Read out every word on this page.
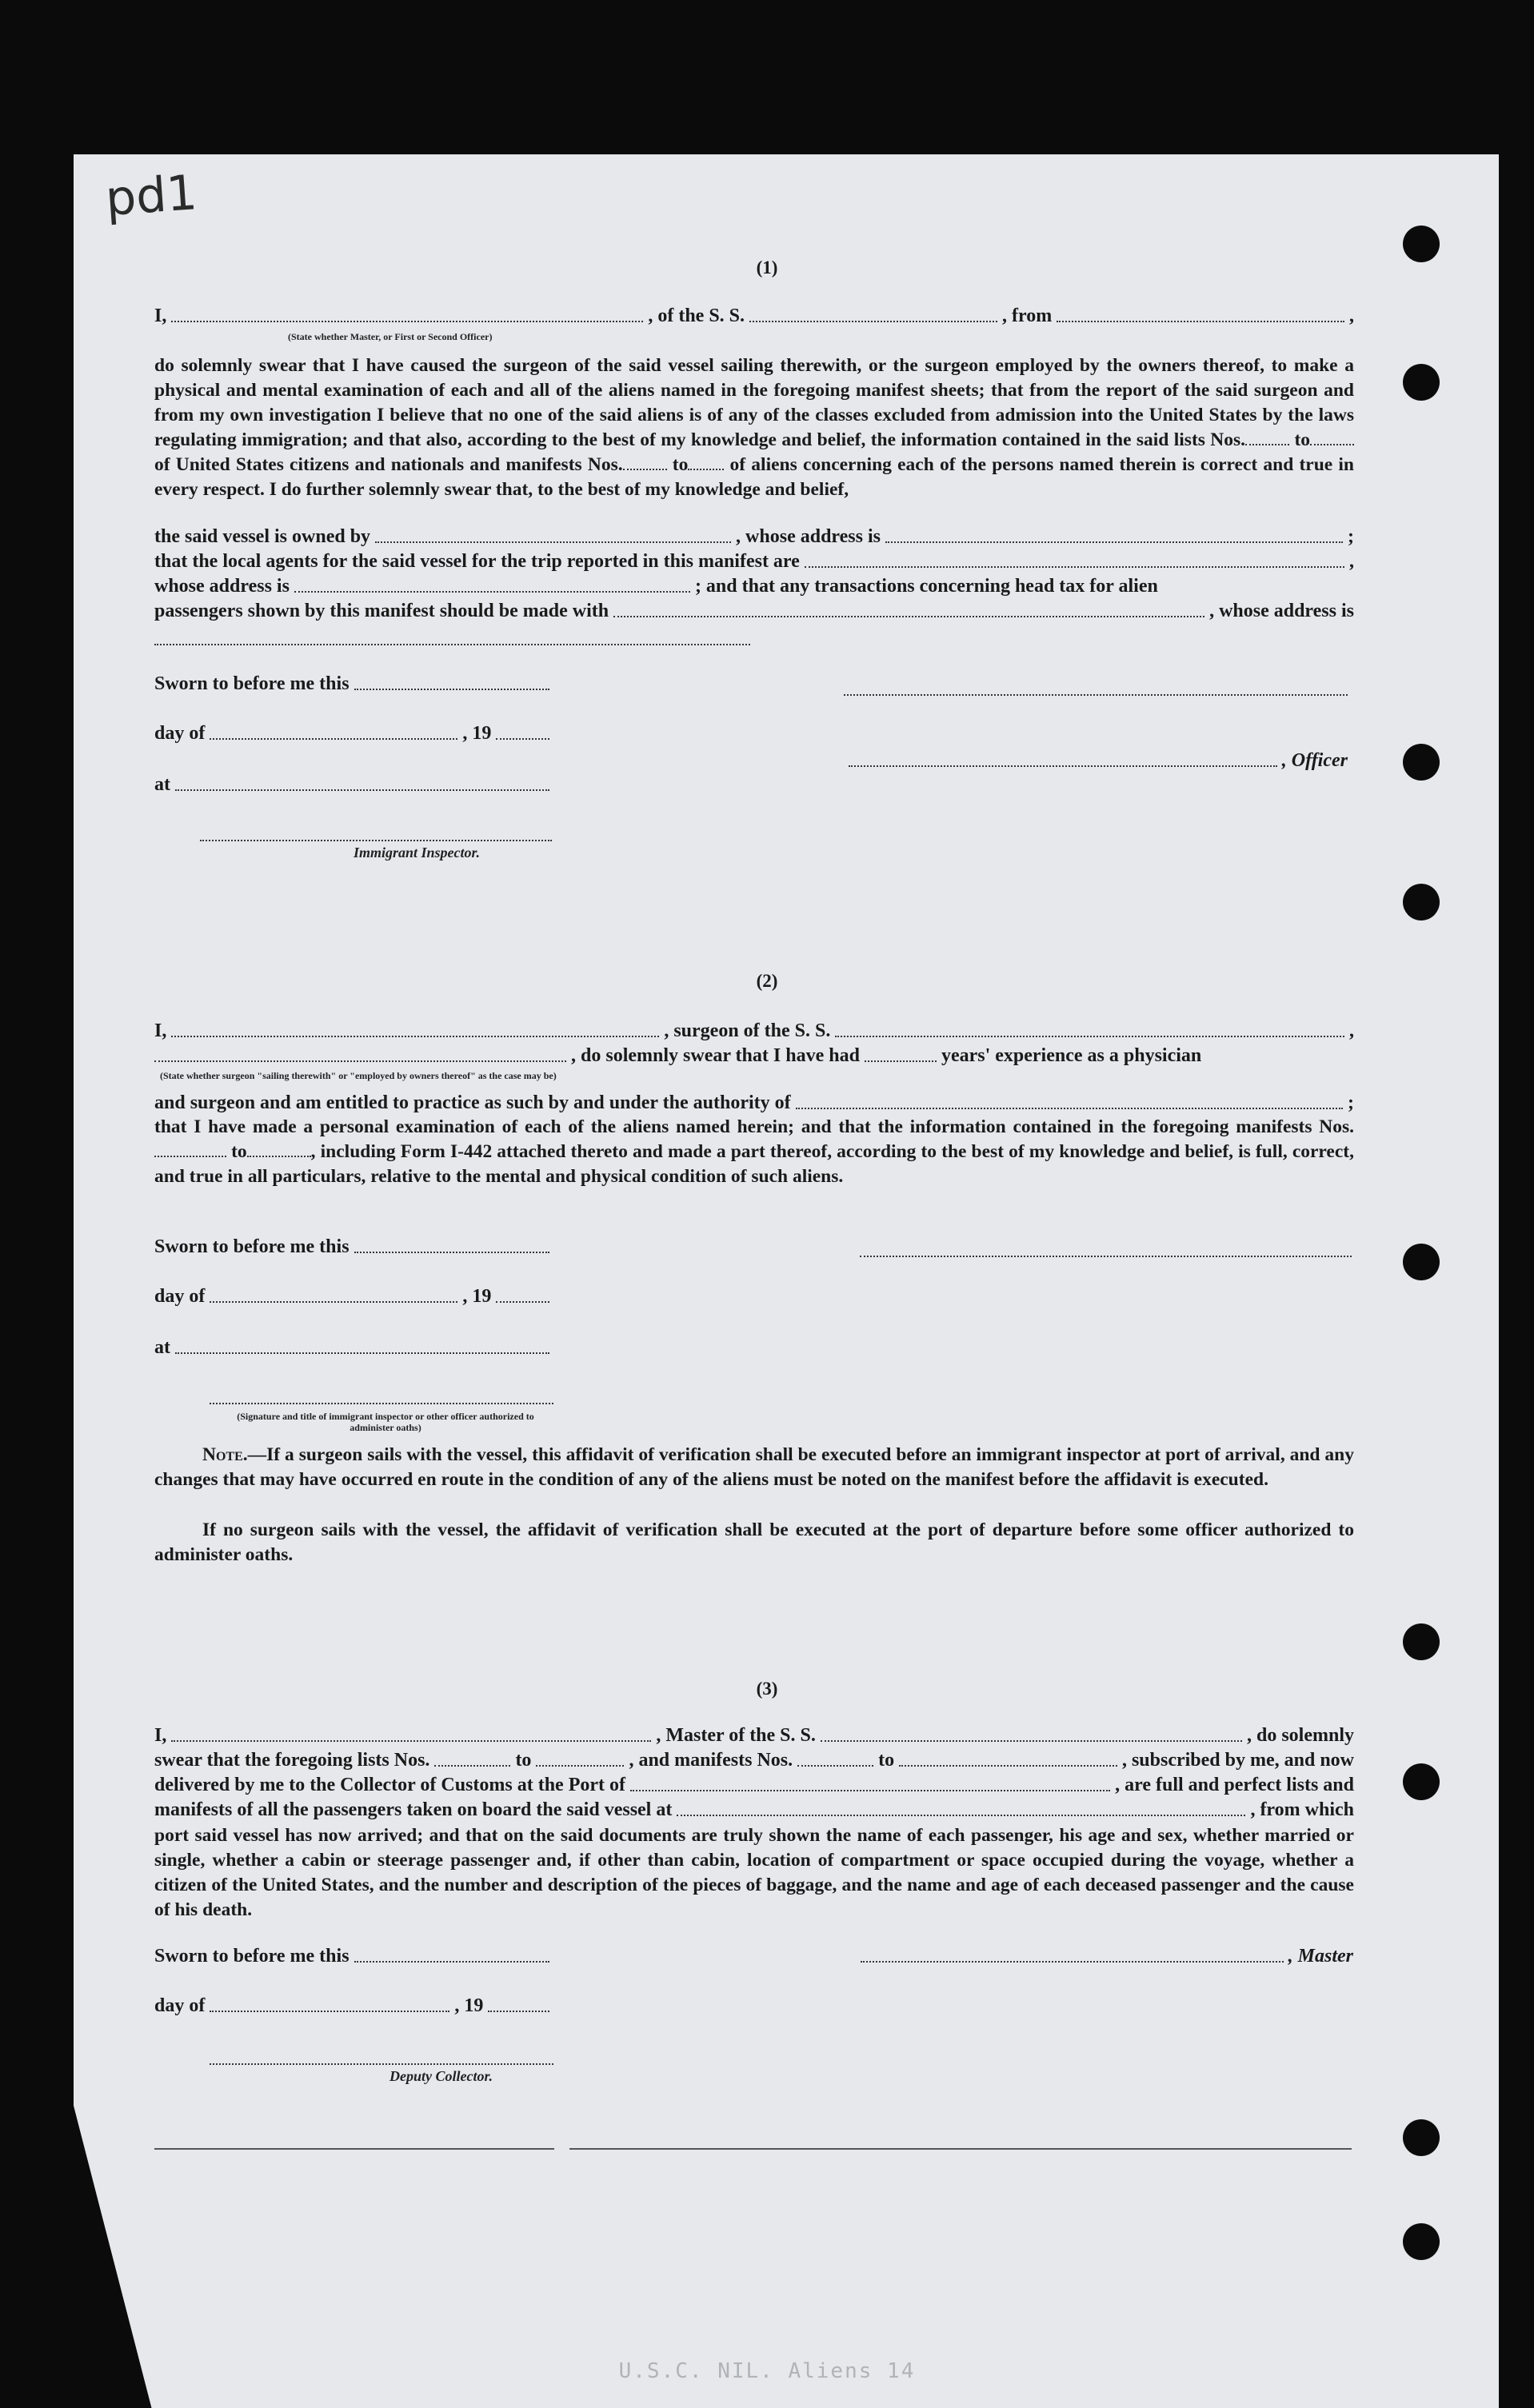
pd1
(1)
I,	, of the S. S.	, from	,
(State whether Master, or First or Second Officer)

do solemnly swear that I have caused the surgeon of the said vessel sailing therewith, or the surgeon employed by the owners thereof, to make a physical and mental examination of each and all of the aliens named in the foregoing manifest sheets; that from the report of the said surgeon and from my own investigation I believe that no one of the said aliens is of any of the classes excluded from admission into the United States by the laws regulating immigration; and that also, according to the best of my knowledge and belief, the information contained in the said lists Nos.	to of United States citizens and nationals and manifests Nos.	to of aliens concerning each of the persons named therein is correct and true in every respect. I do further solemnly swear that, to the best of my knowledge and belief,

the said vessel is owned by	, whose address is	;
that the local agents for the said vessel for the trip reported in this manifest are	,
whose address is	; and that any transactions concerning head tax for alien
passengers shown by this manifest should be made with	, whose address is
Sworn to before me this
day of	, 19
, Officer
at
Immigrant Inspector.
(2)
I,	, surgeon of the S. S.	,
, do solemnly swear that I have had	years' experience as a physician
(State whether surgeon "sailing therewith" or "employed by owners thereof" as the case may be)
and surgeon and am entitled to practice as such by and under the authority of	;

that I have made a personal examination of each of the aliens named herein; and that the information contained in the foregoing manifests Nos. to	, including Form I-442 attached thereto and made a part thereof, according to the best of my knowledge and belief, is full, correct, and true in all particulars, relative to the mental and physical condition of such aliens.

Sworn to before me this
day of	, 19
at
(Signature and title of immigrant inspector or other officer authorized to administer oaths)

Note.—If a surgeon sails with the vessel, this affidavit of verification shall be executed before an immigrant inspector at port of arrival, and any changes that may have occurred en route in the condition of any of the aliens must be noted on the manifest before the affidavit is executed.

If no surgeon sails with the vessel, the affidavit of verification shall be executed at the port of departure before some officer authorized to administer oaths.

(3)
I,	, Master of the S. S.	, do solemnly
swear that the foregoing lists Nos.	to	, and manifests Nos.	to	, subscribed by me, and now
delivered by me to the Collector of Customs at the Port of	, are full and perfect lists and
manifests of all the passengers taken on board the said vessel at	, from which

port said vessel has now arrived; and that on the said documents are truly shown the name of each passenger, his age and sex, whether married or single, whether a cabin or steerage passenger and, if other than cabin, location of compartment or space occupied during the voyage, whether a citizen of the United States, and the number and description of the pieces of baggage, and the name and age of each deceased passenger and the cause of his death.

Sworn to before me this	, Master
day of	, 19
Deputy Collector.
U.S.C. NIL. Aliens 14
